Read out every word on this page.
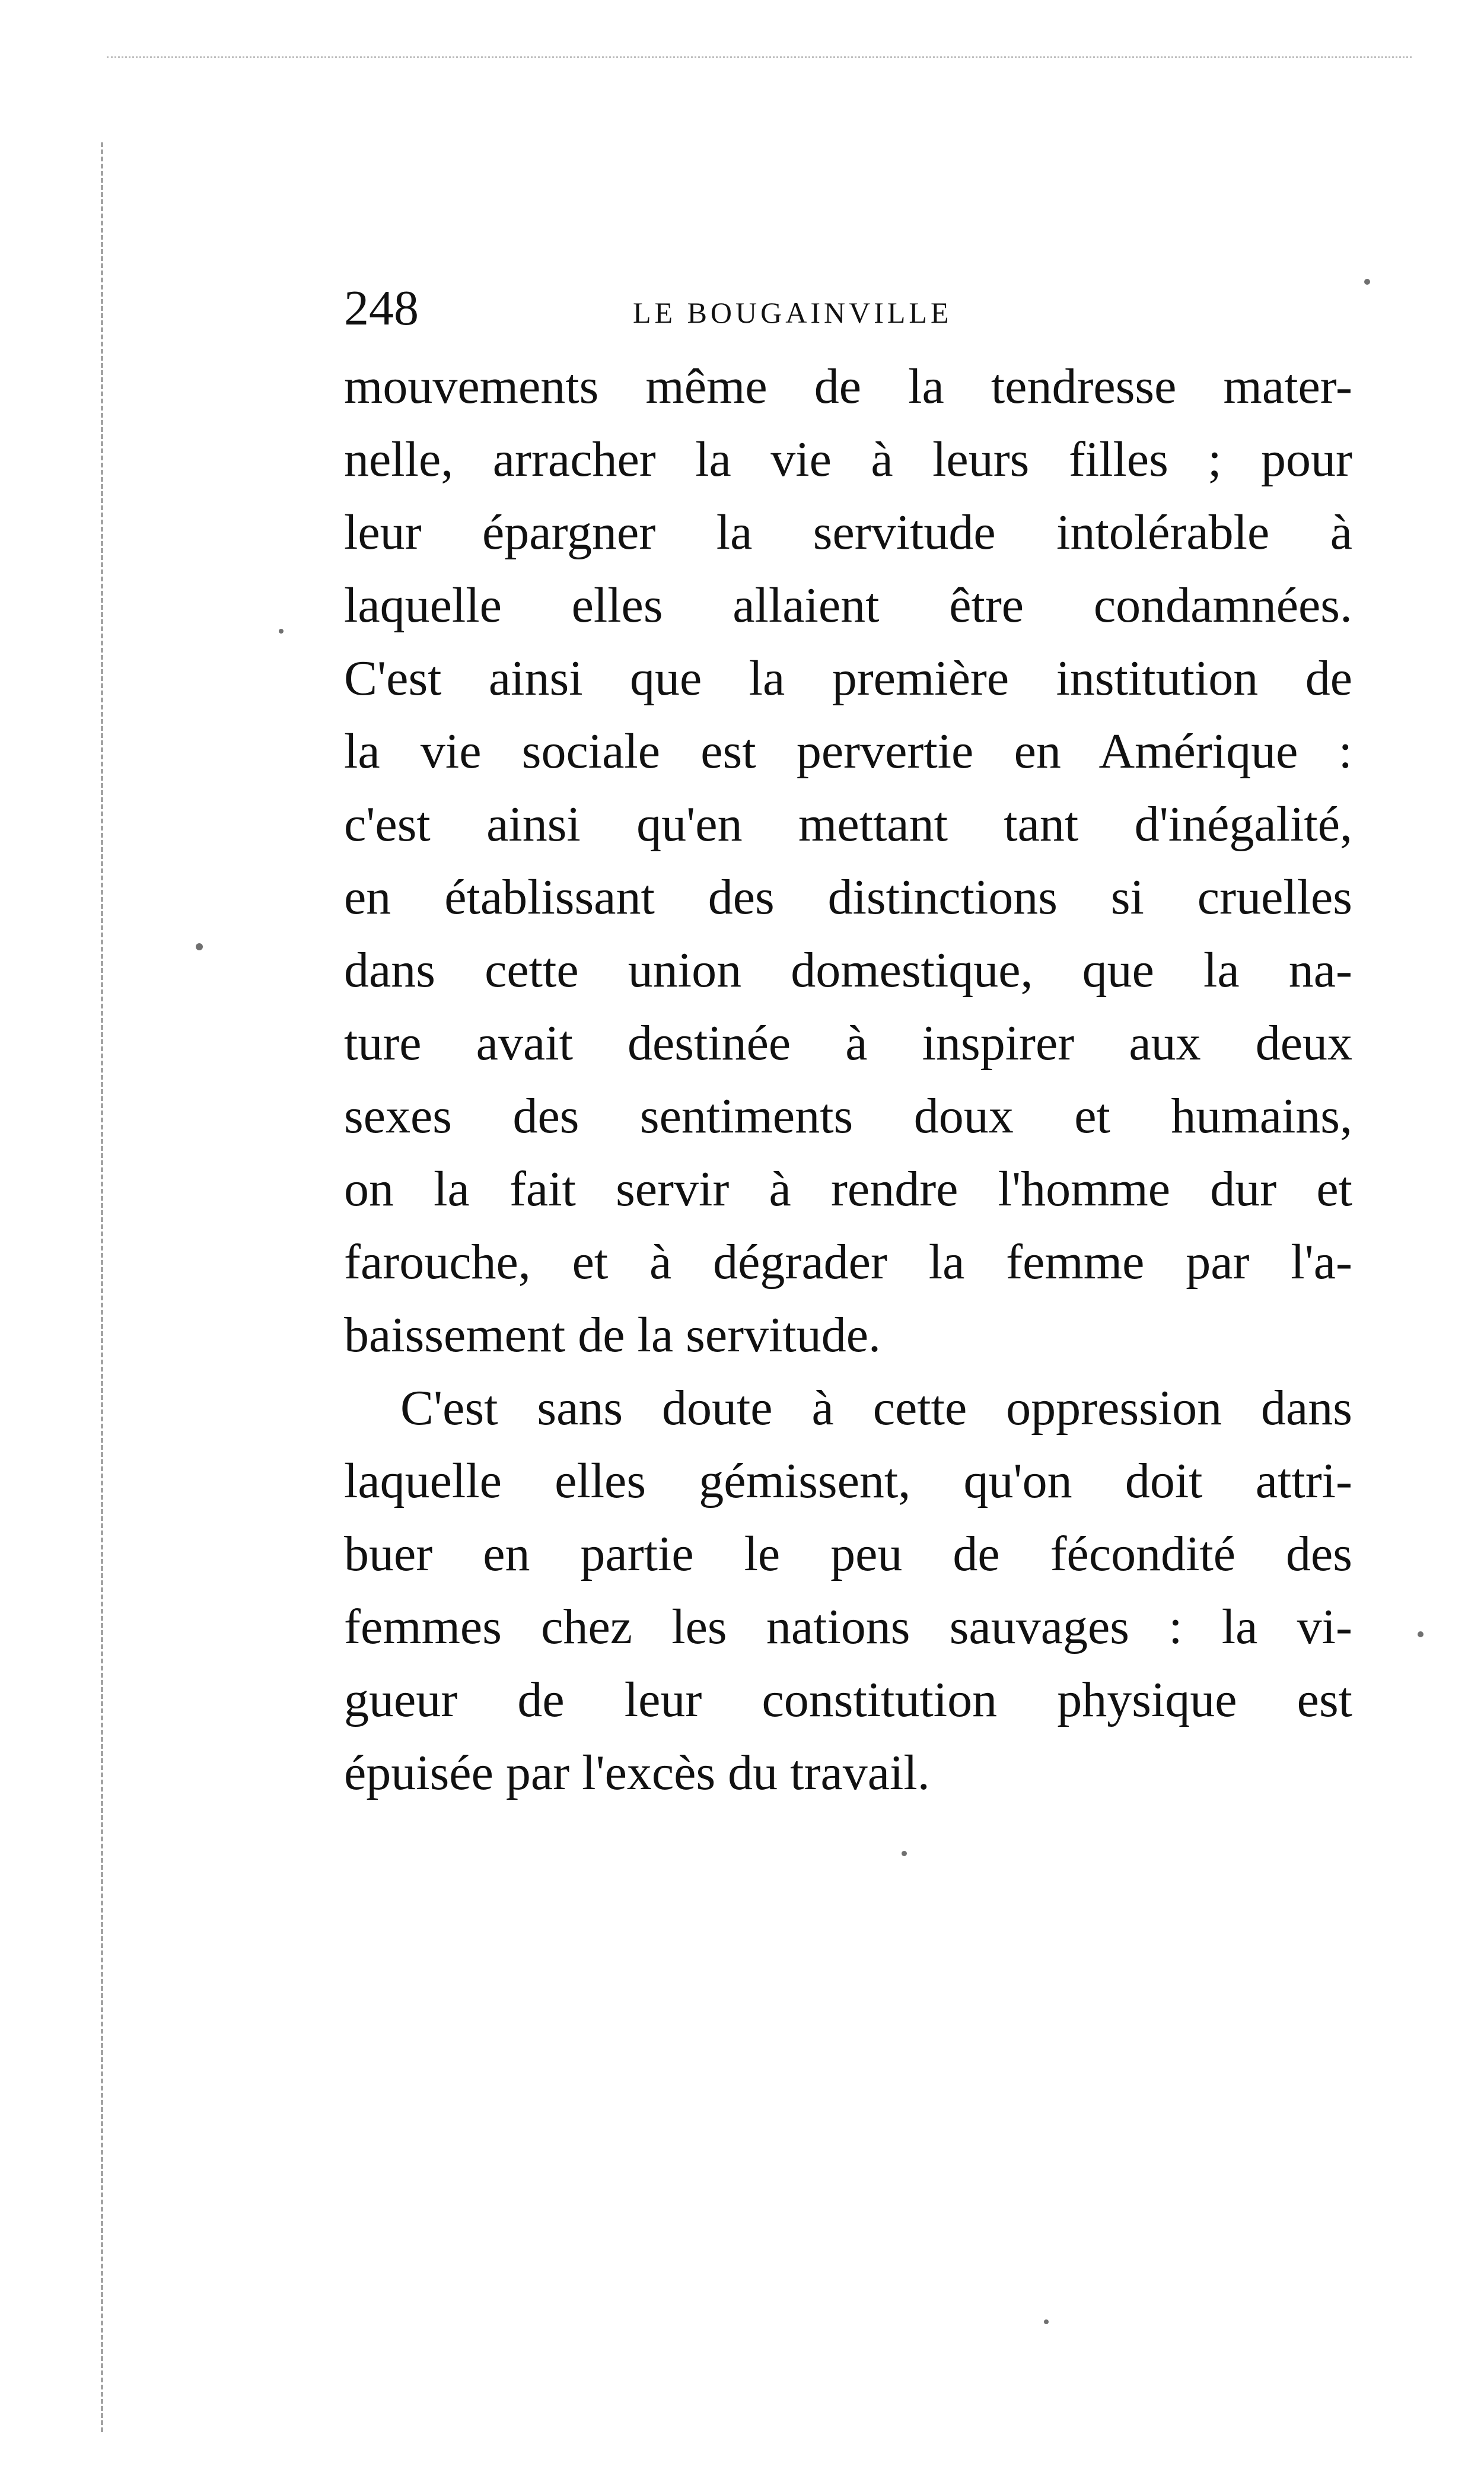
248	LE BOUGAINVILLE
mouvements même de la tendresse mater-
nelle, arracher la vie à leurs filles ; pour
leur épargner la servitude intolérable à
laquelle elles allaient être condamnées.
C'est ainsi que la première institution de
la vie sociale est pervertie en Amérique :
c'est ainsi qu'en mettant tant d'inégalité,
en établissant des distinctions si cruelles
dans cette union domestique, que la na-
ture avait destinée à inspirer aux deux
sexes des sentiments doux et humains,
on la fait servir à rendre l'homme dur et
farouche, et à dégrader la femme par l'a-
baissement de la servitude.
C'est sans doute à cette oppression dans
laquelle elles gémissent, qu'on doit attri-
buer en partie le peu de fécondité des
femmes chez les nations sauvages : la vi-
gueur de leur constitution physique est
épuisée par l'excès du travail.
